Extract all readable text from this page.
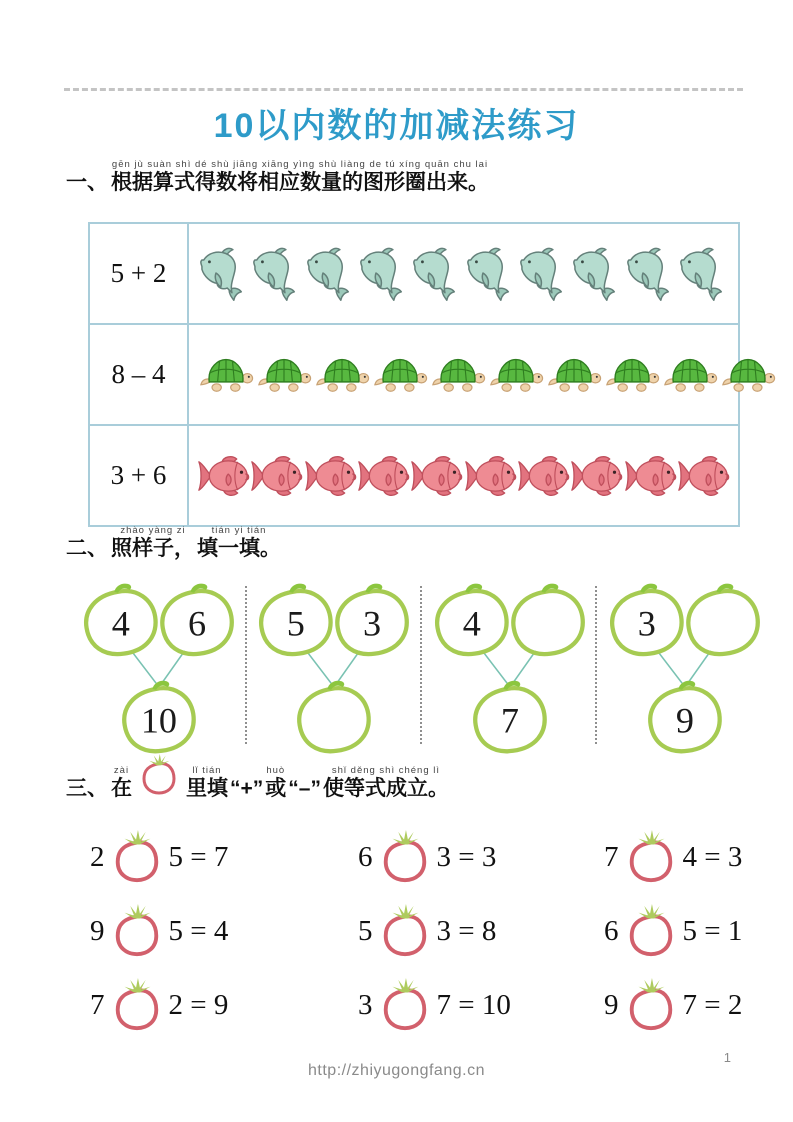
10以内数的加减法练习
一、
gēn jù suàn shì dé shù jiāng xiāng yìng shù liàng de tú xíng quān chu lai
根据算式得数将相应数量的图形圈出来。
5 + 2
8 – 4
3 + 6
二、
zhào yàng zi
照样子，
tián yi tián
填一填。
4 6
10
5 3 4
7
3
9
三、
zài
在
lǐ tián
里填 “+”
huò
或 “–”
shǐ děng shì chéng lì
使等式成立。
2 5 = 7	6 3 = 3	7 4 = 3
9 5 = 4	5 3 = 8	6 5 = 1
7 2 = 9	3 7 = 10	9 7 = 2
http://zhiyugongfang.cn
1
